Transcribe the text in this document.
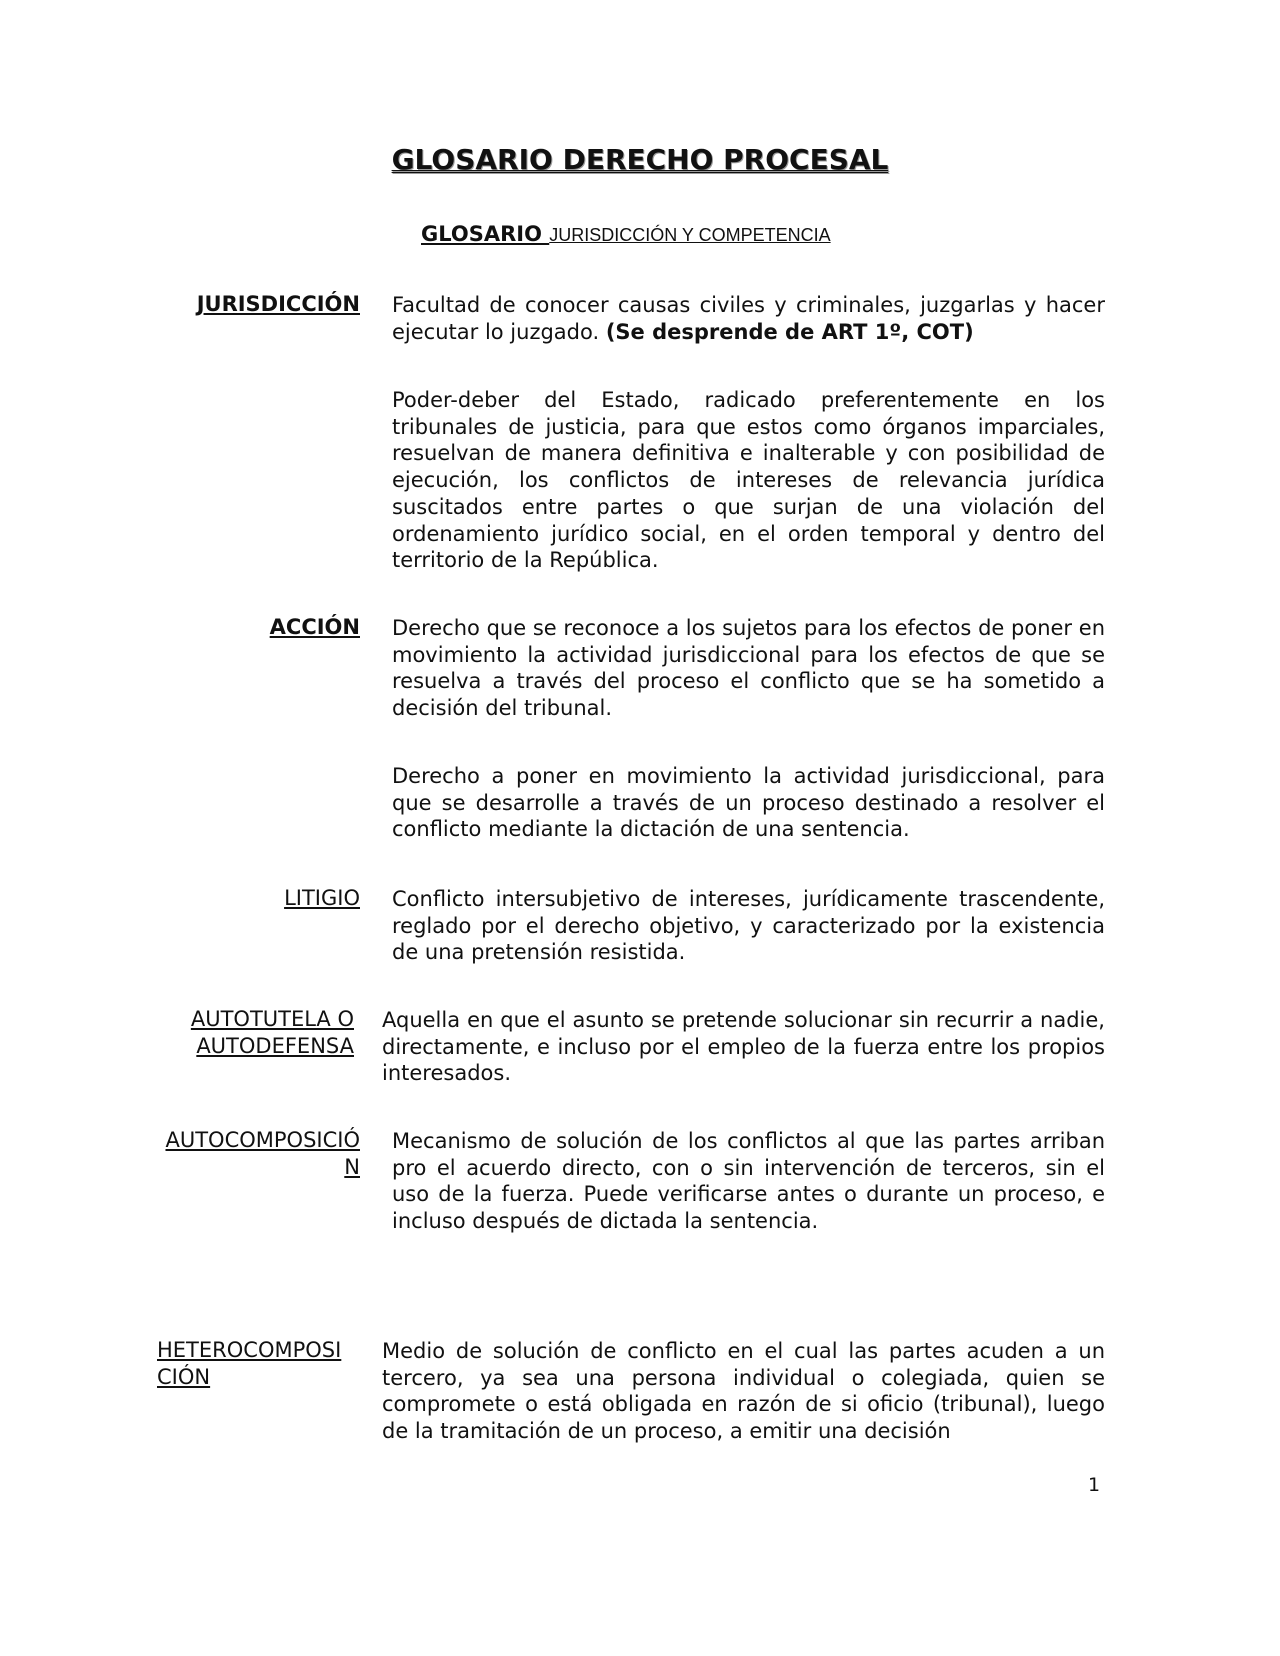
GLOSARIO DERECHO PROCESAL
GLOSARIO JURISDICCIÓN Y COMPETENCIA
JURISDICCIÓN Facultad de conocer causas civiles y criminales, juzgarlas y hacer ejecutar lo juzgado. (Se desprende de ART 1º, COT)
Poder-deber del Estado, radicado preferentemente en los tribunales de justicia, para que estos como órganos imparciales, resuelvan de manera definitiva e inalterable y con posibilidad de ejecución, los conflictos de intereses de relevancia jurídica suscitados entre partes o que surjan de una violación del ordenamiento jurídico social, en el orden temporal y dentro del territorio de la República.
ACCIÓN Derecho que se reconoce a los sujetos para los efectos de poner en movimiento la actividad jurisdiccional para los efectos de que se resuelva a través del proceso el conflicto que se ha sometido a decisión del tribunal.
Derecho a poner en movimiento la actividad jurisdiccional, para que se desarrolle a través de un proceso destinado a resolver el conflicto mediante la dictación de una sentencia.
LITIGIO Conflicto intersubjetivo de intereses, jurídicamente trascendente, reglado por el derecho objetivo, y caracterizado por la existencia de una pretensión resistida.
AUTOTUTELA O
AUTODEFENSA
Aquella en que el asunto se pretende solucionar sin recurrir a nadie, directamente, e incluso por el empleo de la fuerza entre los propios interesados.
AUTOCOMPOSICIÓ
N
Mecanismo de solución de los conflictos al que las partes arriban pro el acuerdo directo, con o sin intervención de terceros, sin el uso de la fuerza. Puede verificarse antes o durante un proceso, e incluso después de dictada la sentencia.
HETEROCOMPOSI
CIÓN
Medio de solución de conflicto en el cual las partes acuden a un tercero, ya sea una persona individual o colegiada, quien se compromete o está obligada en razón de si oficio (tribunal), luego de la tramitación de un proceso, a emitir una decisión
1
